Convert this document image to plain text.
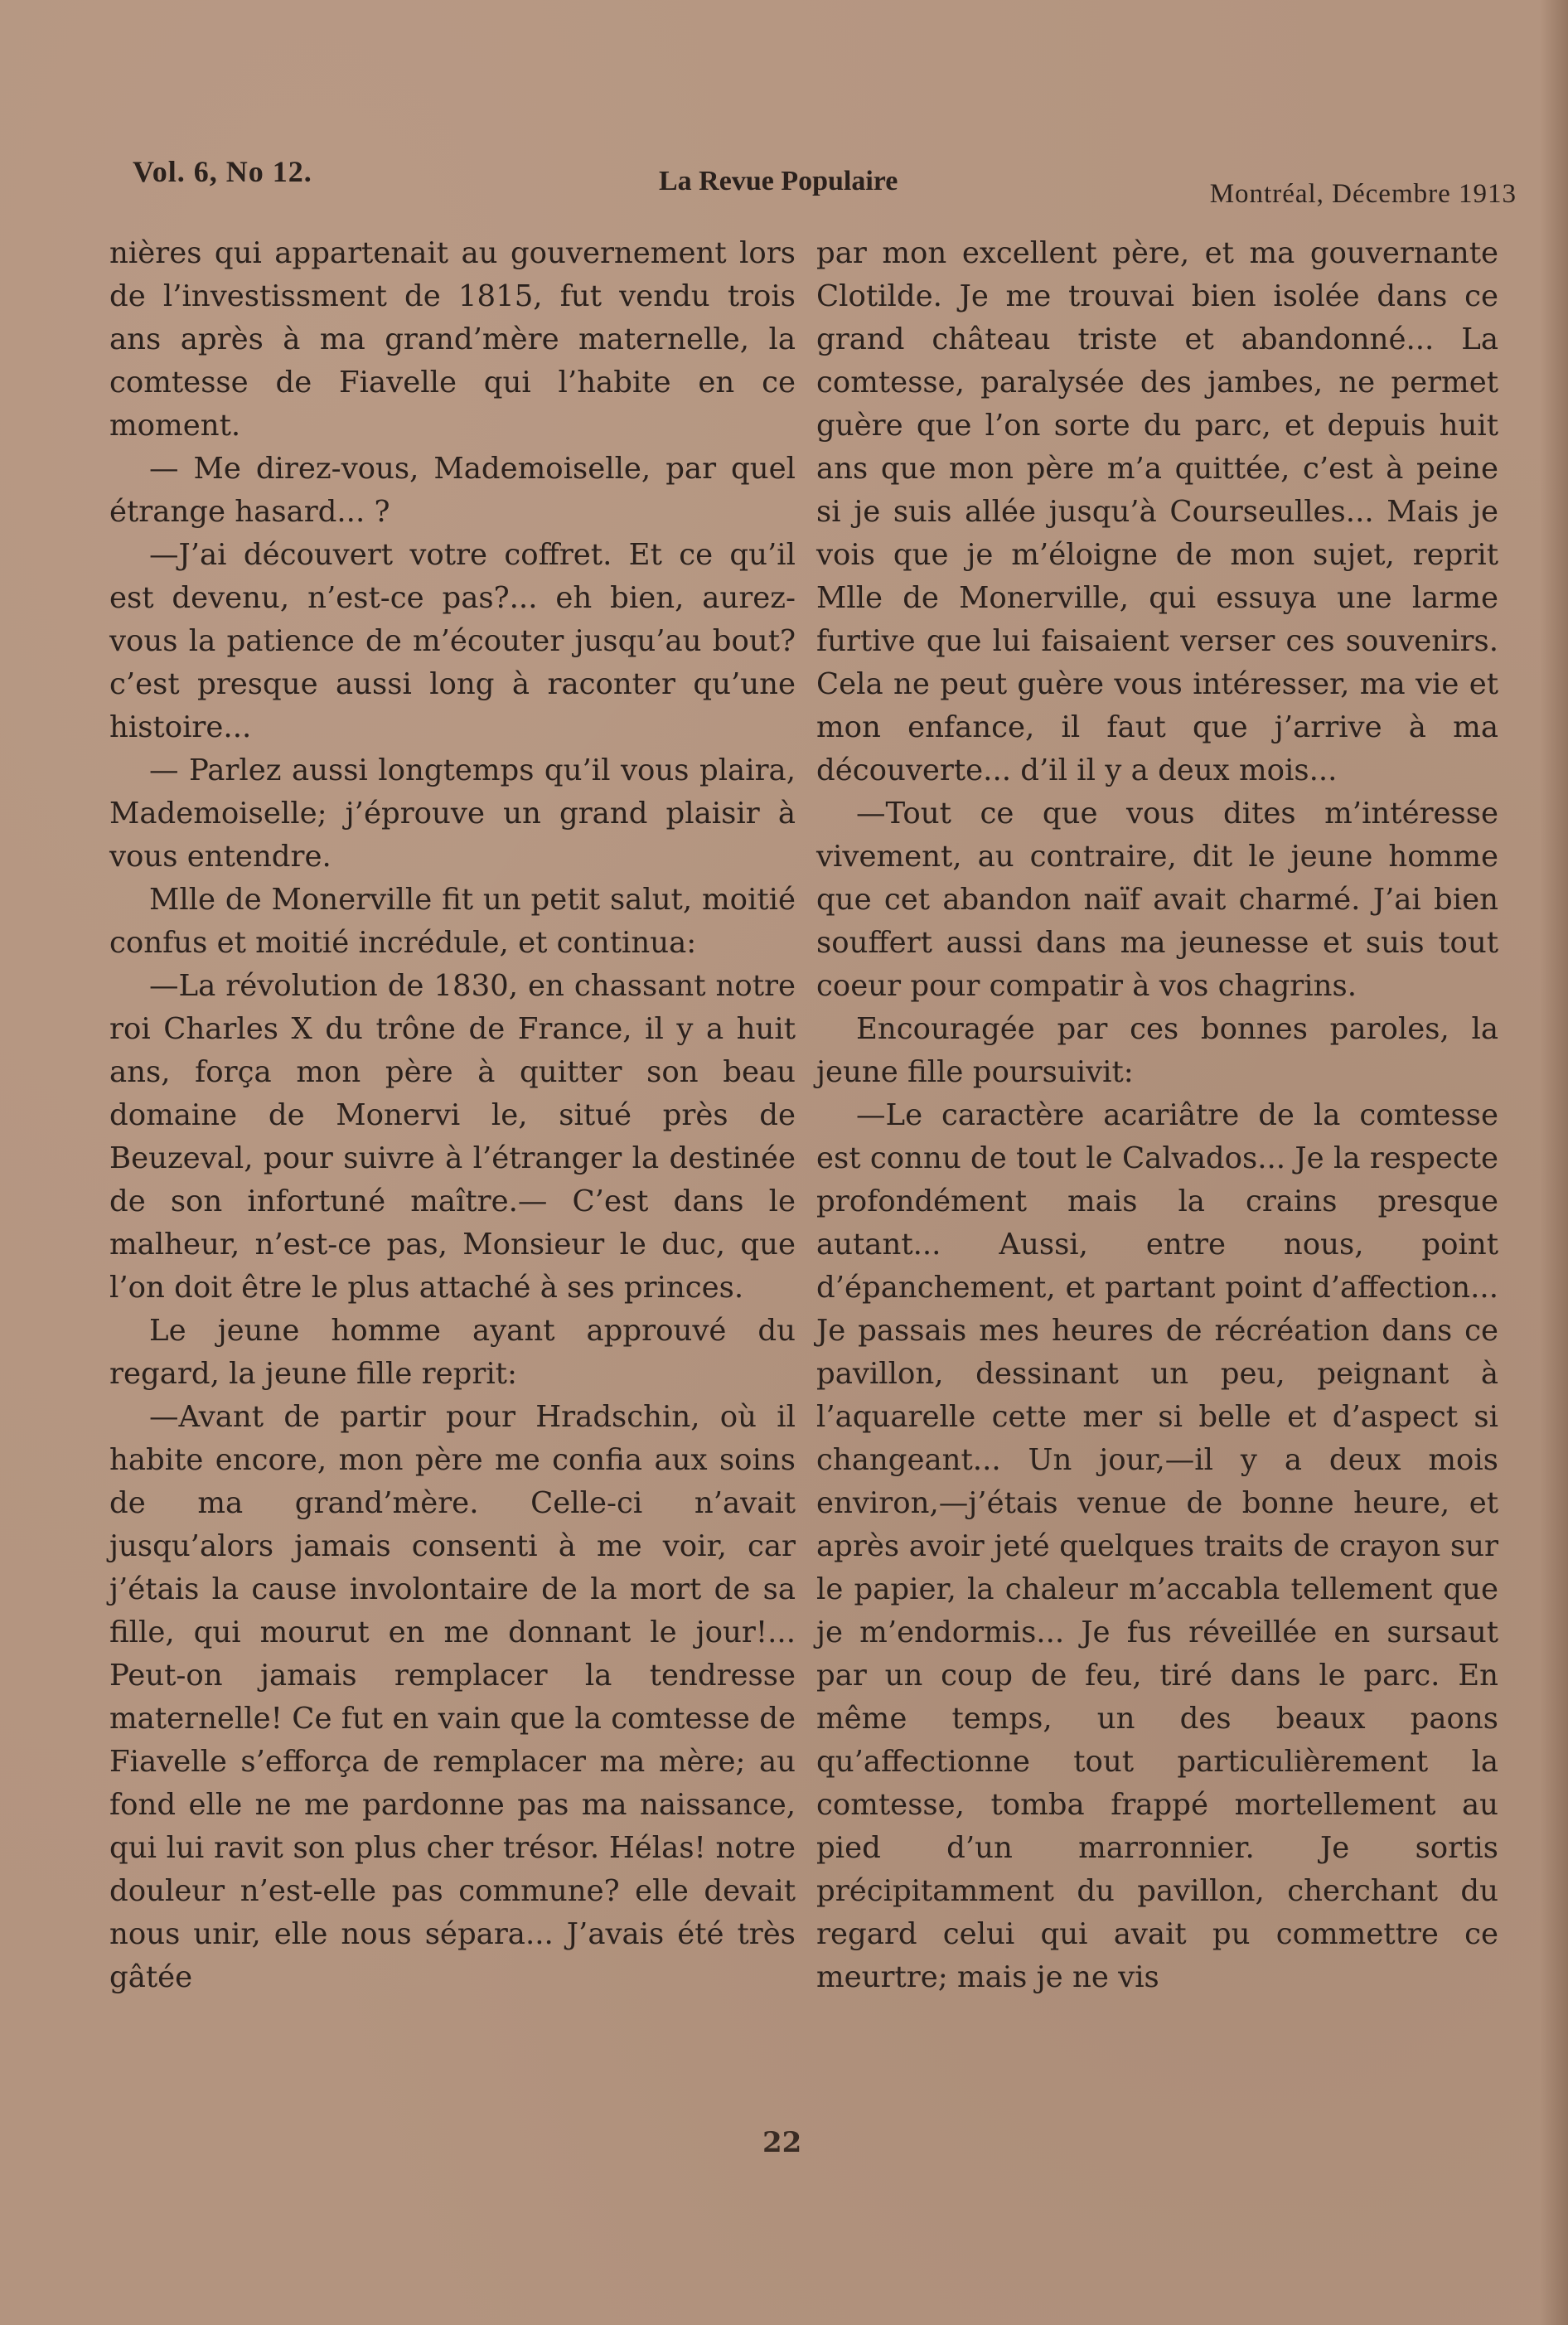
Vol. 6, No 12.	La Revue Populaire	Montréal, Décembre 1913

nières qui appartenait au gouvernement lors de l’investissment de 1815, fut vendu trois ans après à ma grand’mère maternelle, la comtesse de Fiavelle qui l’habite en ce moment.

— Me direz-vous, Mademoiselle, par quel étrange hasard... ?

—J’ai découvert votre coffret. Et ce qu’il est devenu, n’est-ce pas?... eh bien, aurez-vous la patience de m’écouter jusqu’au bout? c’est presque aussi long à raconter qu’une histoire...

— Parlez aussi longtemps qu’il vous plaira, Mademoiselle; j’éprouve un grand plaisir à vous entendre.

Mlle de Monerville fit un petit salut, moitié confus et moitié incrédule, et continua:

—La révolution de 1830, en chassant notre roi Charles X du trône de France, il y a huit ans, força mon père à quitter son beau domaine de Monervi le, situé près de Beuzeval, pour suivre à l’étranger la destinée de son infortuné maître.— C’est dans le malheur, n’est-ce pas, Monsieur le duc, que l’on doit être le plus attaché à ses princes.

Le jeune homme ayant approuvé du regard, la jeune fille reprit:

—Avant de partir pour Hradschin, où il habite encore, mon père me confia aux soins de ma grand’mère. Celle-ci n’avait jusqu’alors jamais consenti à me voir, car j’étais la cause involontaire de la mort de sa fille, qui mourut en me donnant le jour!... Peut-on jamais remplacer la tendresse maternelle! Ce fut en vain que la comtesse de Fiavelle s’efforça de remplacer ma mère; au fond elle ne me pardonne pas ma naissance, qui lui ravit son plus cher trésor. Hélas! notre douleur n’est-elle pas commune? elle devait nous unir, elle nous sépara... J’avais été très gâtée

par mon excellent père, et ma gouvernante Clotilde. Je me trouvai bien isolée dans ce grand château triste et abandonné... La comtesse, paralysée des jambes, ne permet guère que l’on sorte du parc, et depuis huit ans que mon père m’a quittée, c’est à peine si je suis allée jusqu’à Courseulles... Mais je vois que je m’éloigne de mon sujet, reprit Mlle de Monerville, qui essuya une larme furtive que lui faisaient verser ces souvenirs. Cela ne peut guère vous intéresser, ma vie et mon enfance, il faut que j’arrive à ma découverte... d’il il y a deux mois...

—Tout ce que vous dites m’intéresse vivement, au contraire, dit le jeune homme que cet abandon naïf avait charmé. J’ai bien souffert aussi dans ma jeunesse et suis tout coeur pour compatir à vos chagrins.

Encouragée par ces bonnes paroles, la jeune fille poursuivit:

—Le caractère acariâtre de la comtesse est connu de tout le Calvados... Je la respecte profondément mais la crains presque autant... Aussi, entre nous, point d’épanchement, et partant point d’affection... Je passais mes heures de récréation dans ce pavillon, dessinant un peu, peignant à l’aquarelle cette mer si belle et d’aspect si changeant... Un jour,—il y a deux mois environ,—j’étais venue de bonne heure, et après avoir jeté quelques traits de crayon sur le papier, la chaleur m’accabla tellement que je m’endormis... Je fus réveillée en sursaut par un coup de feu, tiré dans le parc. En même temps, un des beaux paons qu’affectionne tout particulièrement la comtesse, tomba frappé mortellement au pied d’un marronnier. Je sortis précipitamment du pavillon, cherchant du regard celui qui avait pu commettre ce meurtre; mais je ne vis

22
